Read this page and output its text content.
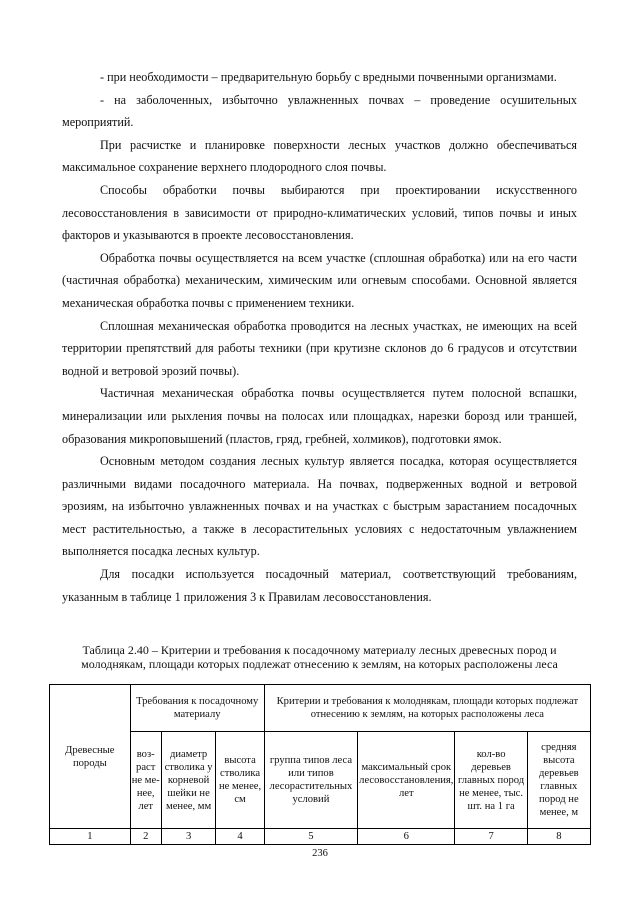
- при необходимости – предварительную борьбу с вредными почвенными организмами.

- на заболоченных, избыточно увлажненных почвах – проведение осушительных мероприятий.

При расчистке и планировке поверхности лесных участков должно обеспечиваться максимальное сохранение верхнего плодородного слоя почвы.

Способы обработки почвы выбираются при проектировании искусственного лесовосстановления в зависимости от природно-климатических условий, типов почвы и иных факторов и указываются в проекте лесовосстановления.

Обработка почвы осуществляется на всем участке (сплошная обработка) или на его части (частичная обработка) механическим, химическим или огневым способами. Основной является механическая обработка почвы с применением техники.

Сплошная механическая обработка проводится на лесных участках, не имеющих на всей территории препятствий для работы техники (при крутизне склонов до 6 градусов и отсутствии водной и ветровой эрозий почвы).

Частичная механическая обработка почвы осуществляется путем полосной вспашки, минерализации или рыхления почвы на полосах или площадках, нарезки борозд или траншей, образования микроповышений (пластов, гряд, гребней, холмиков), подготовки ямок.

Основным методом создания лесных культур является посадка, которая осуществляется различными видами посадочного материала. На почвах, подверженных водной и ветровой эрозиям, на избыточно увлажненных почвах и на участках с быстрым зарастанием посадочных мест растительностью, а также в лесорастительных условиях с недостаточным увлажнением выполняется посадка лесных культур.

Для посадки используется посадочный материал, соответствующий требованиям, указанным в таблице 1 приложения 3 к Правилам лесовосстановления.

Таблица 2.40 – Критерии и требования к посадочному материалу лесных древесных пород и молоднякам, площади которых подлежат отнесению к землям, на которых расположены леса
Древесные породы	Требования к посадочному материалу			Критерии и требования к молоднякам, площади которых подлежат отнесению к землям, на которых расположены леса			
	воз-раст не ме-нее, лет	диаметр стволика у корневой шейки не менее, мм	высота стволика не менее, см	группа типов леса или типов лесорастительных условий	максимальный срок лесовосстановления, лет	кол-во деревьев главных пород не менее, тыс. шт. на 1 га	средняя высота деревьев главных пород не менее, м
1	2	3	4	5	6	7	8
236
